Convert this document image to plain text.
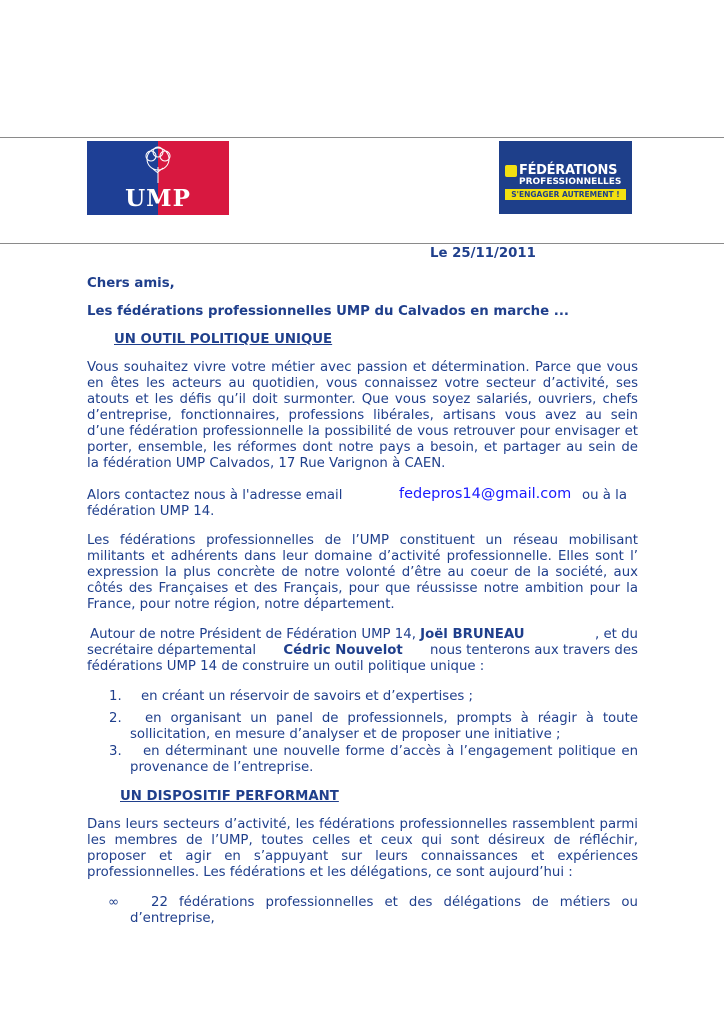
UMP
FÉDÉRATIONS
PROFESSIONNELLES
S'ENGAGER AUTREMENT !
Le 25/11/2011
Chers amis,
Les fédérations professionnelles UMP du Calvados en marche ...
UN OUTIL POLITIQUE UNIQUE
Vous souhaitez vivre votre métier avec passion et détermination. Parce que vous
en êtes les acteurs au quotidien, vous connaissez votre secteur d’activité, ses
atouts et les défis qu’il doit surmonter. Que vous soyez salariés, ouvriers, chefs
d’entreprise, fonctionnaires, professions libérales, artisans vous avez au sein
d’une fédération professionnelle la possibilité de vous retrouver pour envisager et
porter, ensemble, les réformes dont notre pays a besoin, et partager au sein de
la fédération UMP Calvados, 17 Rue Varignon à CAEN.
Alors contactez nous à l'adresse email	fedepros14@gmail.com ou à la
fédération UMP 14.
Les fédérations professionnelles de l’UMP constituent un réseau mobilisant
militants et adhérents dans leur domaine d’activité professionnelle. Elles sont l’
expression la plus concrète de notre volonté d’être au coeur de la société, aux
côtés des Françaises et des Français, pour que réussisse notre ambition pour la
France, pour notre région, notre département.
Autour de notre Président de Fédération UMP 14, Joël BRUNEAU	, et du
secrétaire départemental Cédric Nouvelot nous tenterons aux travers des
fédérations UMP 14 de construire un outil politique unique :
1. en créant un réservoir de savoirs et d’expertises ;
2.	en organisant un panel de professionnels, prompts à réagir à toute
sollicitation, en mesure d’analyser et de proposer une initiative ;
3.	en déterminant une nouvelle forme d’accès à l’engagement politique en
provenance de l’entreprise.
UN DISPOSITIF PERFORMANT
Dans leurs secteurs d’activité, les fédérations professionnelles rassemblent parmi
les membres de l’UMP, toutes celles et ceux qui sont désireux de réfléchir,
proposer et agir en s’appuyant sur leurs connaissances et expériences
professionnelles. Les fédérations et les délégations, ce sont aujourd’hui :
∞	22 fédérations professionnelles et des délégations de métiers ou
d’entreprise,
